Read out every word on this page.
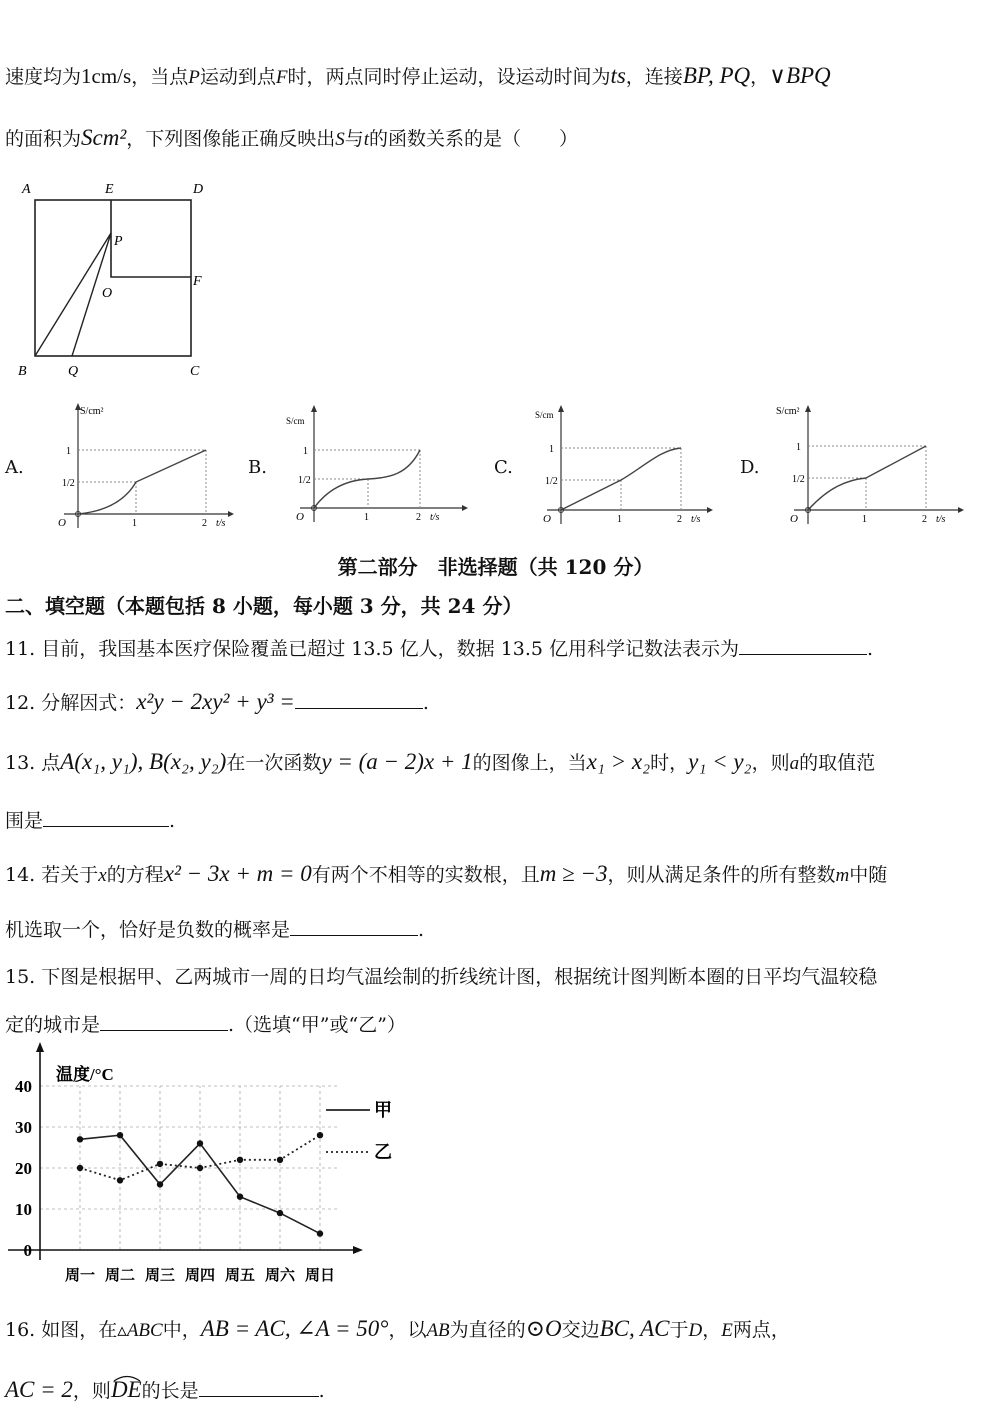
速度均为1cm/s，当点P运动到点F时，两点同时停止运动，设运动时间为ts，连接BP, PQ，∨BPQ
的面积为Scm²，下列图像能正确反映出S与t的函数关系的是（　　）
A	E	D
P
O
F
B	Q	C
A.	B.	C.	D.
S/cm²
1
1/2
1	2 t/s
O
S/cm
1
1/2
1	2 t/s
O
S/cm
1
1/2
1	2 t/s
O
S/cm²
1
1/2
1	2 t/s
O
第二部分　非选择题（共 120 分）
二、填空题（本题包括 8 小题，每小题 3 分，共 24 分）
11. 目前，我国基本医疗保险覆盖已超过 13.5 亿人，数据 13.5 亿用科学记数法表示为	.
12. 分解因式：x²y − 2xy² + y³ =	.
13. 点A(x₁, y₁), B(x₂, y₂)在一次函数y = (a − 2)x + 1的图像上，当x₁ > x₂时，y₁ < y₂，则a的取值范
围是	.
14. 若关于x的方程x² − 3x + m = 0有两个不相等的实数根，且m ≥ −3，则从满足条件的所有整数m中随
机选取一个，恰好是负数的概率是	.
15. 下图是根据甲、乙两城市一周的日均气温绘制的折线统计图，根据统计图判断本圈的日平均气温较稳
定的城市是	.（选填“甲”或“乙”）
0
10
20
30
40
周一 周二 周三 周四 周五 周六 周日
温度/°C
甲
乙
16. 如图，在▵ABC中，AB = AC, ∠A = 50°，以AB为直径的⊙O交边BC, AC于D，E两点，
AC = 2，则
DE的长是	.
